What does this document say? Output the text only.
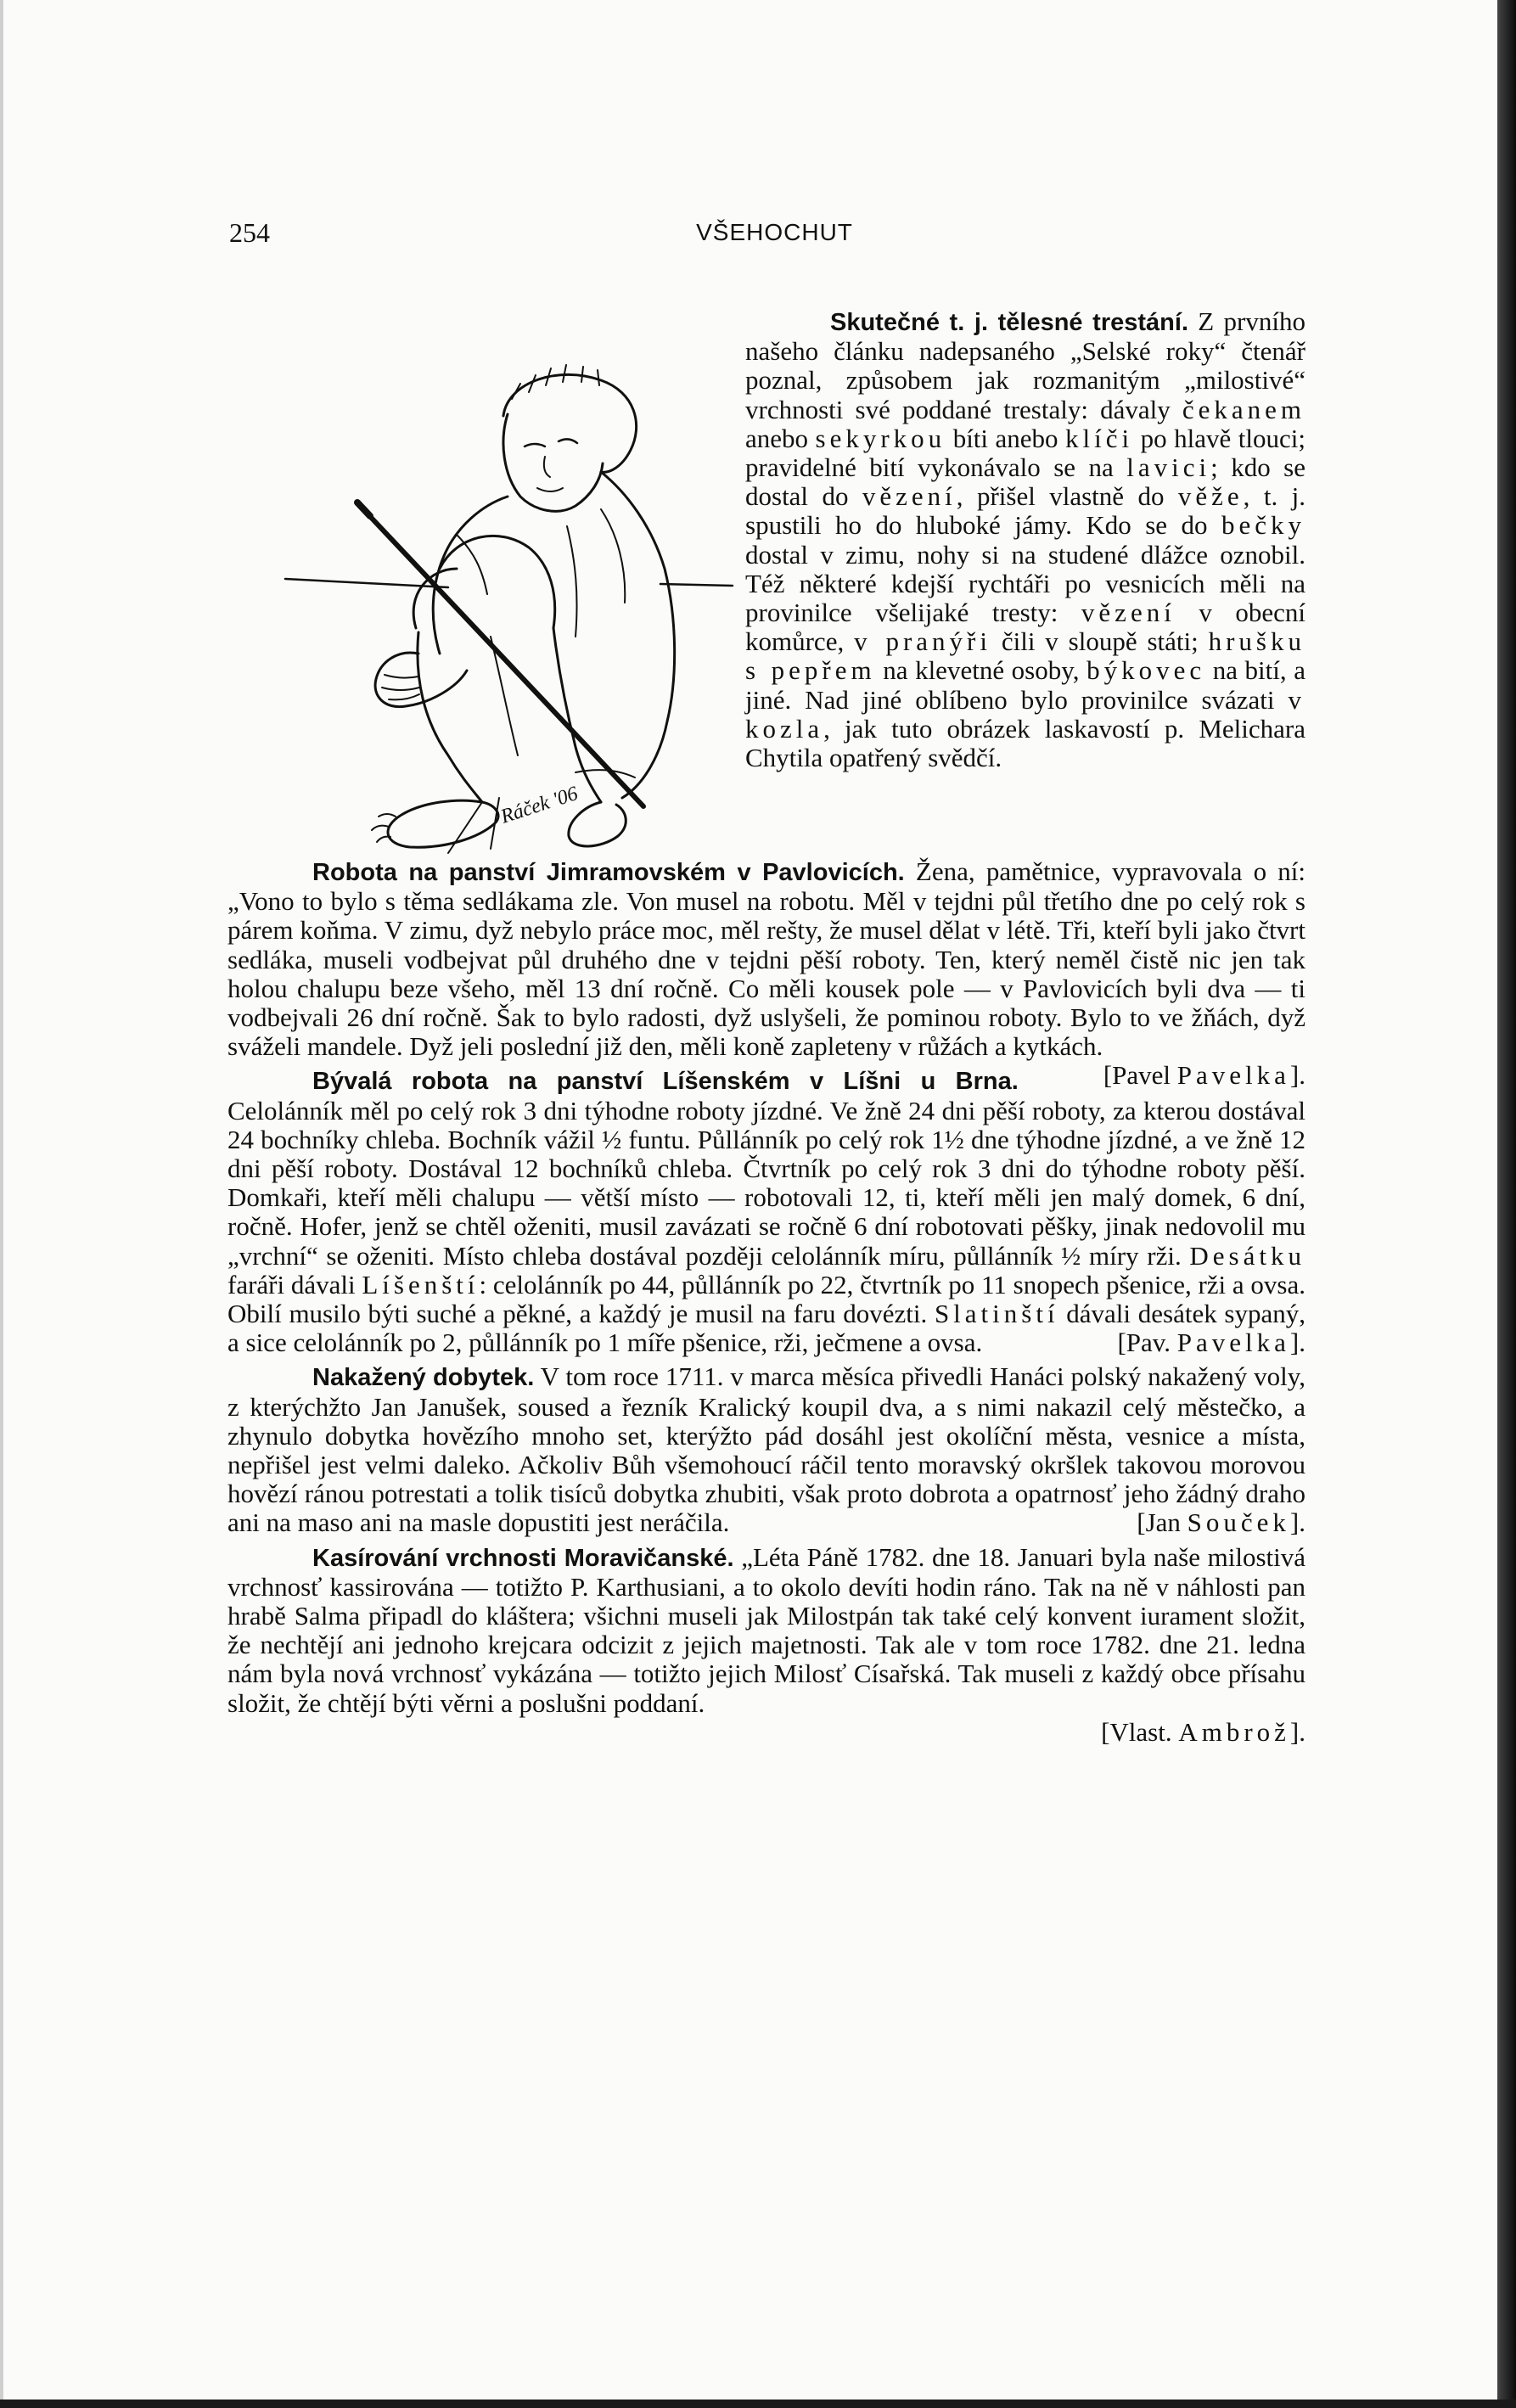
254	VŠEHOCHUT

Ráček '06
Skutečné t. j. tělesné trestání. Z prvního našeho článku nadepsaného „Selské roky“ čtenář poznal, způsobem jak rozmanitým „milostivé“ vrchnosti své poddané trestaly: dávaly čekanem anebo sekyrkou bíti anebo klíči po hlavě tlouci; pravidelné bití vykonávalo se na lavici; kdo se dostal do vězení, přišel vlastně do věže, t. j. spustili ho do hluboké jámy. Kdo se do bečky dostal v zimu, nohy si na studené dlážce oznobil. Též některé kdejší rychtáři po vesnicích měli na provinilce všelijaké tresty: vězení v obecní komůrce, v pranýři čili v sloupě státi; hrušku s pepřem na klevetné osoby, býkovec na bití, a jiné. Nad jiné oblíbeno bylo provinilce svázati v kozla, jak tuto obrázek laskavostí p. Melichara Chytila opatřený svědčí.

Robota na panství Jimramovském v Pavlovicích. Žena, pamětnice, vypravovala o ní: „Vono to bylo s těma sedlákama zle. Von musel na robotu. Měl v tejdni půl třetího dne po celý rok s párem koňma. V zimu, dyž nebylo práce moc, měl rešty, že musel dělat v létě. Tři, kteří byli jako čtvrt sedláka, museli vodbejvat půl druhého dne v tejdni pěší roboty. Ten, který neměl čistě nic jen tak holou chalupu beze všeho, měl 13 dní ročně. Co měli kousek pole — v Pavlovicích byli dva — ti vodbejvali 26 dní ročně. Šak to bylo radosti, dyž uslyšeli, že pominou roboty. Bylo to ve žňách, dyž sváželi mandele. Dyž jeli poslední již den, měli koně zapleteny v růžách a kytkách.
[Pavel Pavelka].

Bývalá robota na panství Líšenském v Líšni u Brna. Celolánník měl po celý rok 3 dni týhodne roboty jízdné. Ve žně 24 dni pěší roboty, za kterou dostával 24 bochníky chleba. Bochník vážil ½ funtu. Půllánník po celý rok 1½ dne týhodne jízdné, a ve žně 12 dni pěší roboty. Dostával 12 bochníků chleba. Čtvrtník po celý rok 3 dni do týhodne roboty pěší. Domkaři, kteří měli chalupu — větší místo — robotovali 12, ti, kteří měli jen malý domek, 6 dní, ročně. Hofer, jenž se chtěl oženiti, musil zavázati se ročně 6 dní robotovati pěšky, jinak nedovolil mu „vrchní“ se oženiti. Místo chleba dostával později celolánník míru, půllánník ½ míry rži. Desátku faráři dávali Líšenští: celolánník po 44, půllánník po 22, čtvrtník po 11 snopech pšenice, rži a ovsa. Obilí musilo býti suché a pěkné, a každý je musil na faru dovézti. Slatinští dávali desátek sypaný, a sice celolánník po 2, půllánník po 1 míře pšenice, rži, ječmene a ovsa.	[Pav. Pavelka].

Nakažený dobytek. V tom roce 1711. v marca měsíca přivedli Hanáci polský nakažený voly, z kterýchžto Jan Janušek, soused a řezník Kralický koupil dva, a s nimi nakazil celý městečko, a zhynulo dobytka hovězího mnoho set, kterýžto pád dosáhl jest okolíční města, vesnice a místa, nepřišel jest velmi daleko. Ačkoliv Bůh všemohoucí ráčil tento moravský okršlek takovou morovou hovězí ránou potrestati a tolik tisíců dobytka zhubiti, však proto dobrota a opatrnosť jeho žádný draho ani na maso ani na masle dopustiti jest neráčila.	[Jan Souček].

Kasírování vrchnosti Moravičanské. „Léta Páně 1782. dne 18. Januari byla naše milostivá vrchnosť kassirována — totižto P. Karthusiani, a to okolo devíti hodin ráno. Tak na ně v náhlosti pan hrabě Salma připadl do kláštera; všichni museli jak Milostpán tak také celý konvent iurament složit, že nechtějí ani jednoho krejcara odcizit z jejich majetnosti. Tak ale v tom roce 1782. dne 21. ledna nám byla nová vrchnosť vykázána — totižto jejich Milosť Císařská. Tak museli z každý obce přísahu složit, že chtějí býti věrni a poslušni poddaní.

[Vlast. Ambrož].
